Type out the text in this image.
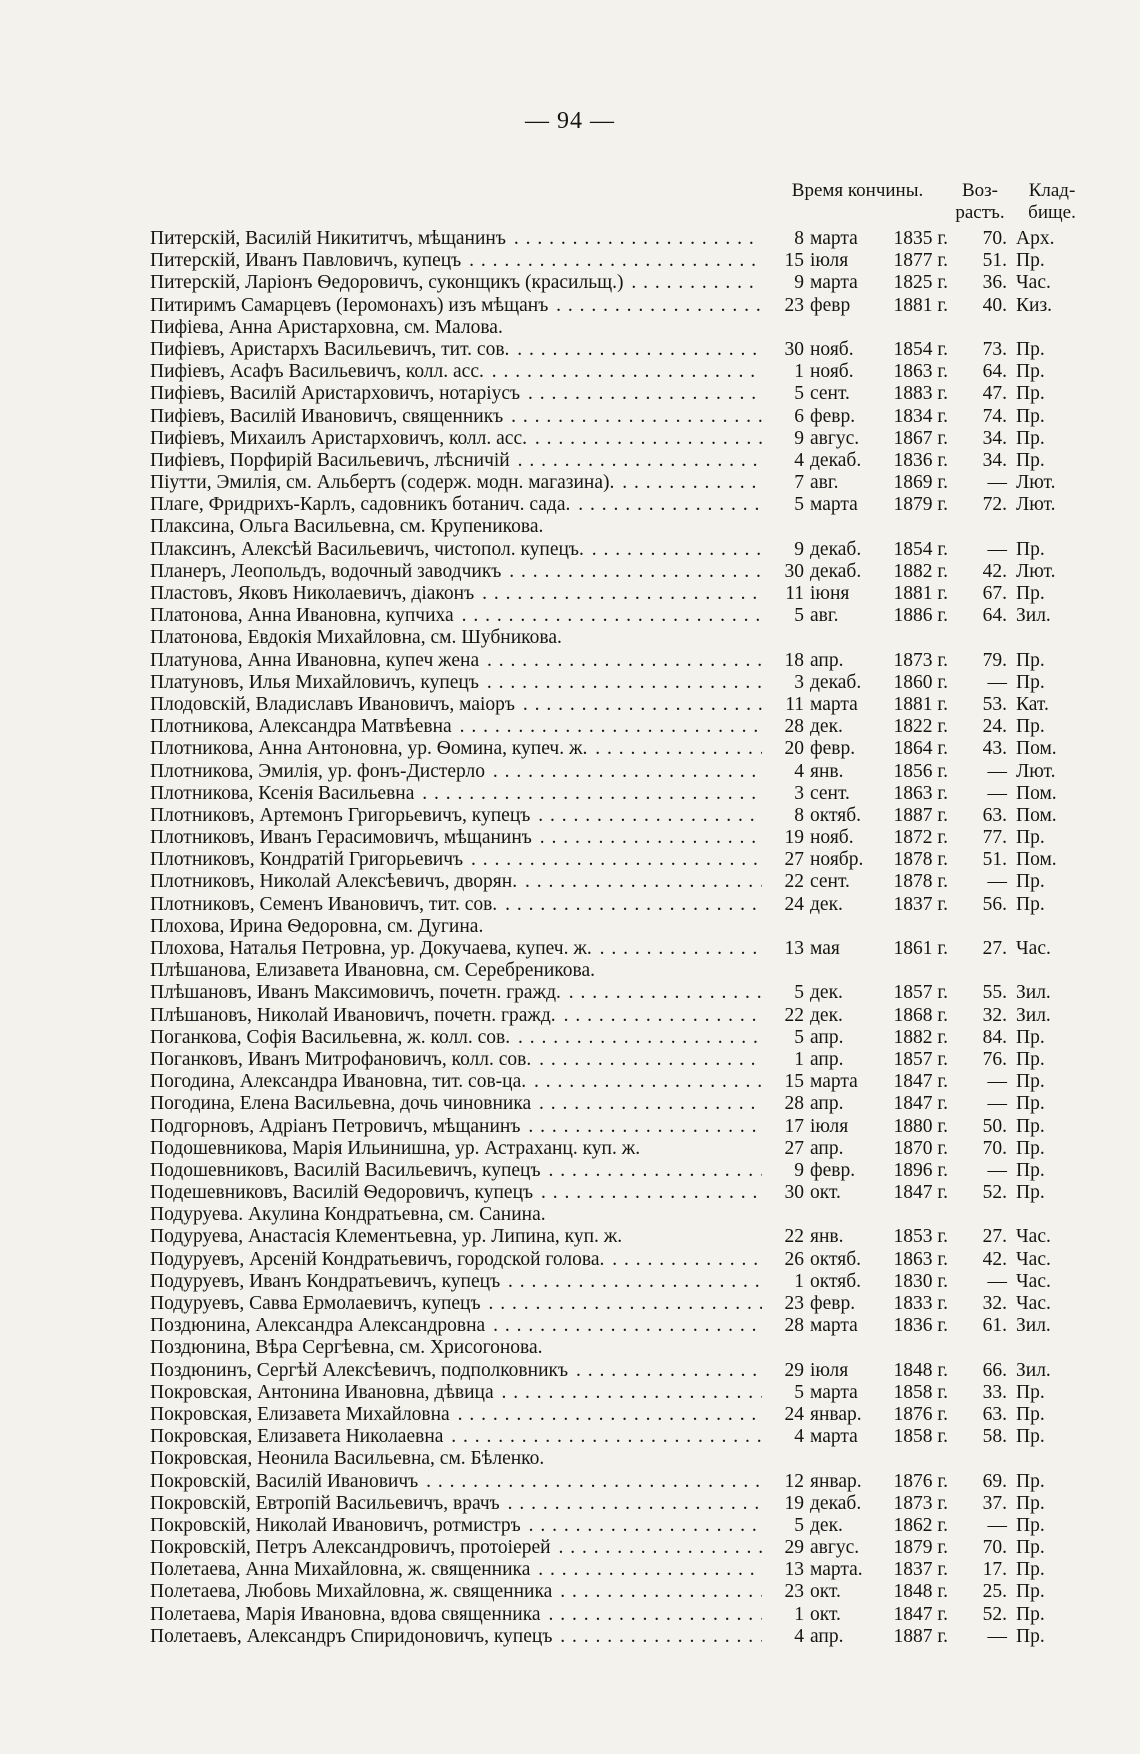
— 94 —
Время кончины.	Воз-растъ.
Клад-бище.
Питерскій, Василій Никититчъ, мѣщанинъ . . .	8 марта	1835 г.	70. Арх.
Питерскій, Иванъ Павловичъ, купецъ . . .	15 іюля	1877 г.	51. Пр.
Питерскій, Ларіонъ Ѳедоровичъ, суконщикъ (красильщ.) . . .	9 марта	1825 г.	36. Час.
Питиримъ Самарцевъ (Іеромонахъ) изъ мѣщанъ . . .	23 февр	1881 г.	40. Киз.
Пифіева, Анна Аристарховна, см. Малова.
Пифіевъ, Аристархъ Васильевичъ, тит. сов. . . .	30 нояб.	1854 г.	73. Пр.
Пифіевъ, Асафъ Васильевичъ, колл. асс. . . .	1 нояб.	1863 г.	64. Пр.
Пифіевъ, Василій Аристарховичъ, нотаріусъ . . .	5 сент.	1883 г.	47. Пр.
Пифіевъ, Василій Ивановичъ, священникъ . . .	6 февр.	1834 г.	74. Пр.
Пифіевъ, Михаилъ Аристарховичъ, колл. асс. . . .	9 авгус.	1867 г.	34. Пр.
Пифіевъ, Порфирій Васильевичъ, лѣсничій . . .	4 декаб.	1836 г.	34. Пр.
Піутти, Эмилія, см. Альбертъ (содерж. модн. магазина). . . .	7 авг.	1869 г.	— Лют.
Плаге, Фридрихъ-Карлъ, садовникъ ботанич. сада. . . .	5 марта	1879 г.	72. Лют.
Плаксина, Ольга Васильевна, см. Крупеникова.
Плаксинъ, Алексѣй Васильевичъ, чистопол. купецъ. . . .	9 декаб.	1854 г.	— Пр.
Планеръ, Леопольдъ, водочный заводчикъ . . .	30 декаб.	1882 г.	42. Лют.
Пластовъ, Яковъ Николаевичъ, діаконъ . . .	11 іюня	1881 г.	67. Пр.
Платонова, Анна Ивановна, купчиха . . .	5 авг.	1886 г.	64. Зил.
Платонова, Евдокія Михайловна, см. Шубникова.
Платунова, Анна Ивановна, купеч жена . . .	18 апр.	1873 г.	79. Пр.
Платуновъ, Илья Михайловичъ, купецъ . . .	3 декаб.	1860 г.	— Пр.
Плодовскій, Владиславъ Ивановичъ, маіоръ . . .	11 марта	1881 г.	53. Кат.
Плотникова, Александра Матвѣевна . . .	28 дек.	1822 г.	24. Пр.
Плотникова, Анна Антоновна, ур. Ѳомина, купеч. ж. . . .	20 февр.	1864 г.	43. Пом.
Плотникова, Эмилія, ур. фонъ-Дистерло . . .	4 янв.	1856 г.	— Лют.
Плотникова, Ксенія Васильевна . . .	3 сент.	1863 г.	— Пом.
Плотниковъ, Артемонъ Григорьевичъ, купецъ . . .	8 октяб.	1887 г.	63. Пом.
Плотниковъ, Иванъ Герасимовичъ, мѣщанинъ . . .	19 нояб.	1872 г.	77. Пр.
Плотниковъ, Кондратій Григорьевичъ . . .	27 ноябр.	1878 г.	51. Пом.
Плотниковъ, Николай Алексѣевичъ, дворян. . . .	22 сент.	1878 г.	— Пр.
Плотниковъ, Семенъ Ивановичъ, тит. сов. . . .	24 дек.	1837 г.	56. Пр.
Плохова, Ирина Ѳедоровна, см. Дугина.
Плохова, Наталья Петровна, ур. Докучаева, купеч. ж. . . .	13 мая	1861 г.	27. Час.
Плѣшанова, Елизавета Ивановна, см. Серебреникова.
Плѣшановъ, Иванъ Максимовичъ, почетн. гражд. . . .	5 дек.	1857 г.	55. Зил.
Плѣшановъ, Николай Ивановичъ, почетн. гражд. . . .	22 дек.	1868 г.	32. Зил.
Поганкова, Софія Васильевна, ж. колл. сов. . . .	5 апр.	1882 г.	84. Пр.
Поганковъ, Иванъ Митрофановичъ, колл. сов. . . .	1 апр.	1857 г.	76. Пр.
Погодина, Александра Ивановна, тит. сов-ца. . . .	15 марта	1847 г.	— Пр.
Погодина, Елена Васильевна, дочь чиновника . . .	28 апр.	1847 г.	— Пр.
Подгорновъ, Адріанъ Петровичъ, мѣщанинъ . . .	17 іюля	1880 г.	50. Пр.
Подошевникова, Марія Ильинишна, ур. Астраханц. куп. ж.	27 апр.	1870 г.	70. Пр.
Подошевниковъ, Василій Васильевичъ, купецъ . . .	9 февр.	1896 г.	— Пр.
Подешевниковъ, Василій Ѳедоровичъ, купецъ . . .	30 окт.	1847 г.	52. Пр.
Подуруева. Акулина Кондратьевна, см. Санина.
Подуруева, Анастасія Клементьевна, ур. Липина, куп. ж.	22 янв.	1853 г.	27. Час.
Подуруевъ, Арсеній Кондратьевичъ, городской голова. . . .	26 октяб.	1863 г.	42. Час.
Подуруевъ, Иванъ Кондратьевичъ, купецъ . . .	1 октяб.	1830 г.	— Час.
Подуруевъ, Савва Ермолаевичъ, купецъ . . .	23 февр.	1833 г.	32. Час.
Поздюнина, Александра Александровна . . .	28 марта	1836 г.	61. Зил.
Поздюнина, Вѣра Сергѣевна, см. Хрисогонова.
Поздюнинъ, Сергѣй Алексѣевичъ, подполковникъ . . .	29 іюля	1848 г.	66. Зил.
Покровская, Антонина Ивановна, дѣвица . . .	5 марта	1858 г.	33. Пр.
Покровская, Елизавета Михайловна . . .	24 январ.	1876 г.	63. Пр.
Покровская, Елизавета Николаевна . . .	4 марта	1858 г.	58. Пр.
Покровская, Неонила Васильевна, см. Бѣленко.
Покровскій, Василій Ивановичъ . . .	12 январ.	1876 г.	69. Пр.
Покровскій, Евтропій Васильевичъ, врачъ . . .	19 декаб.	1873 г.	37. Пр.
Покровскій, Николай Ивановичъ, ротмистръ . . .	5 дек.	1862 г.	— Пр.
Покровскій, Петръ Александровичъ, протоіерей . . .	29 авгус.	1879 г.	70. Пр.
Полетаева, Анна Михайловна, ж. священника . . .	13 марта.	1837 г.	17. Пр.
Полетаева, Любовь Михайловна, ж. священника . . .	23 окт.	1848 г.	25. Пр.
Полетаева, Марія Ивановна, вдова священника . . .	1 окт.	1847 г.	52. Пр.
Полетаевъ, Александръ Спиридоновичъ, купецъ . . .	4 апр.	1887 г.	— Пр.
